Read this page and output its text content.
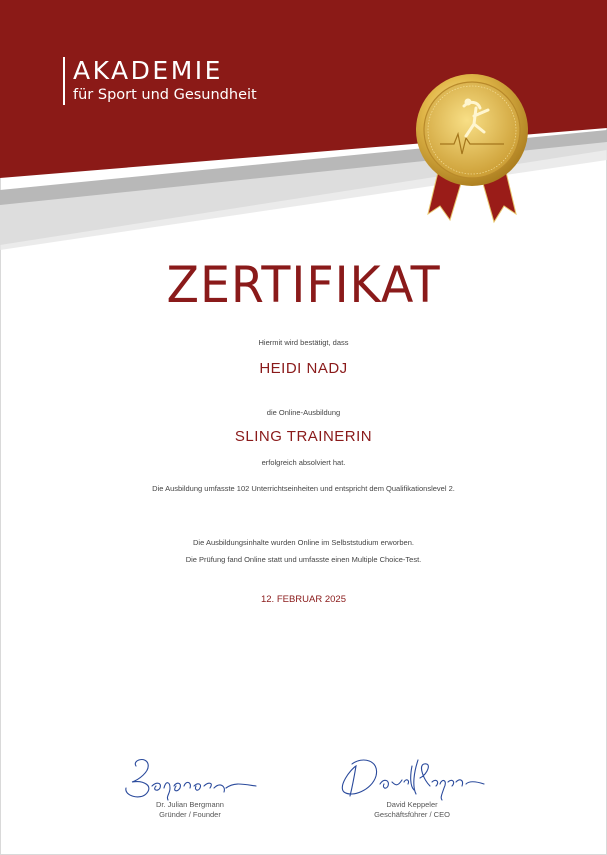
AKADEMIE
für Sport und Gesundheit
ZERTIFIKAT
Hiermit wird bestätigt, dass
HEIDI NADJ
die Online-Ausbildung
SLING TRAINERIN
erfolgreich absolviert hat.
Die Ausbildung umfasste 102 Unterrichtseinheiten und entspricht dem Qualifikationslevel 2.
Die Ausbildungsinhalte wurden Online im Selbststudium erworben.
Die Prüfung fand Online statt und umfasste einen Multiple Choice-Test.
12. FEBRUAR 2025
Dr. Julian Bergmann
Gründer / Founder
David Keppeler
Geschäftsführer / CEO
